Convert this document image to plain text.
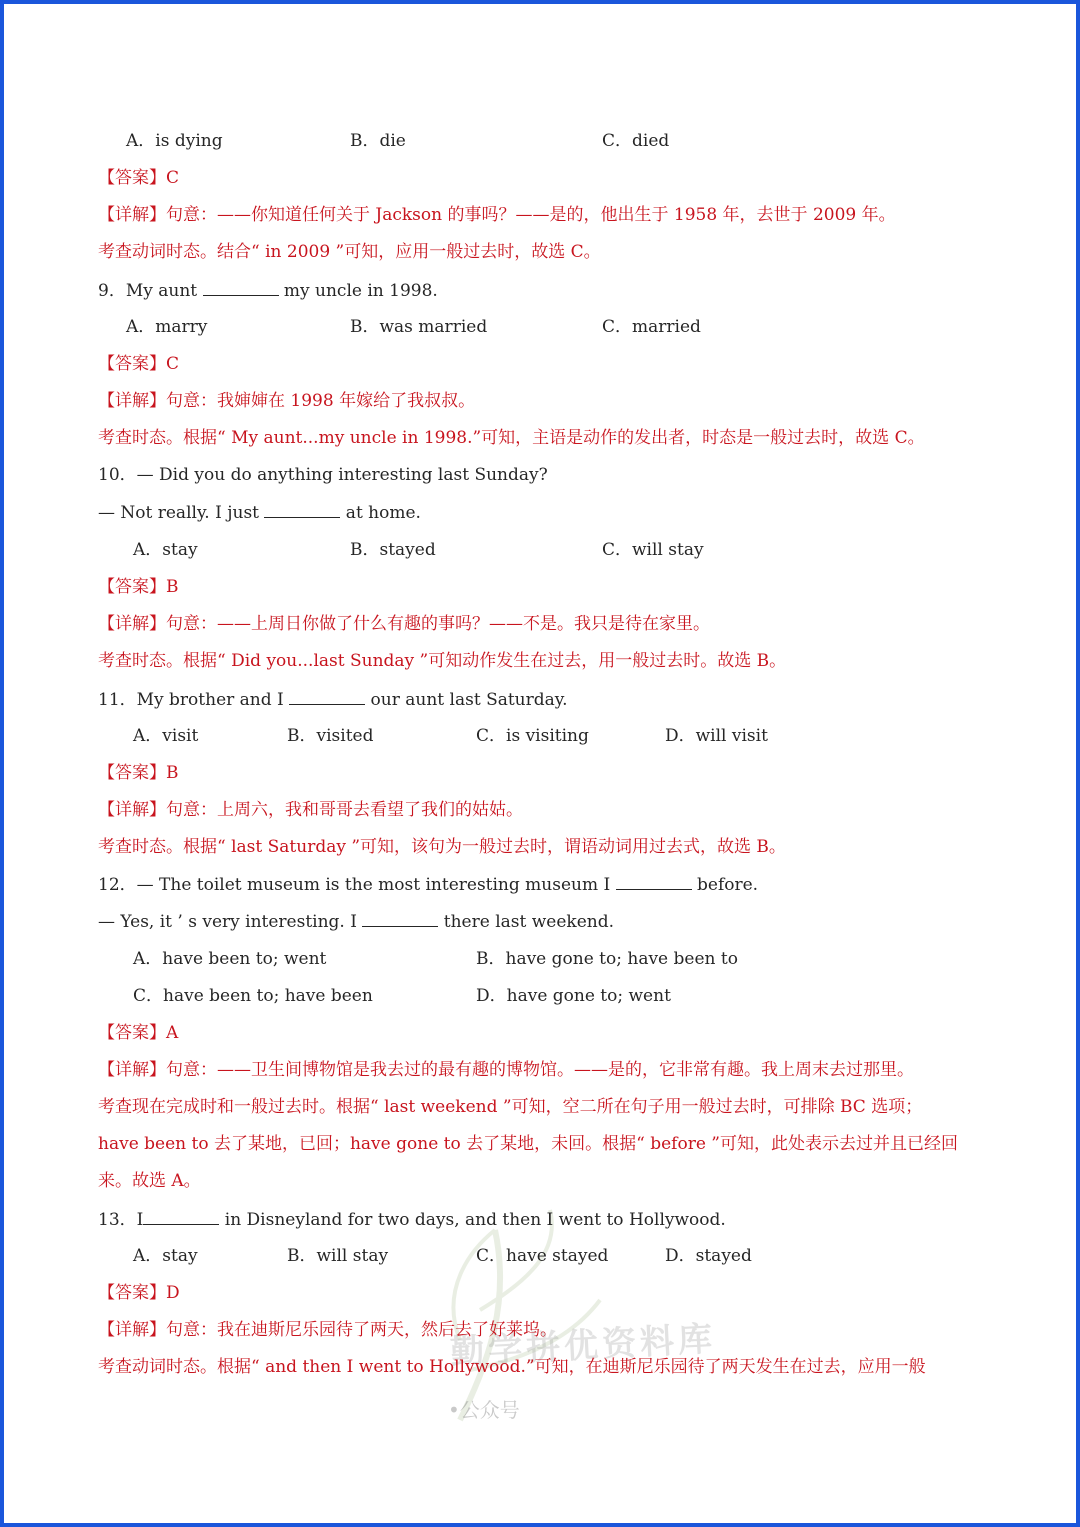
勤学拼优资料库
•公众号
A．is dying	B．die	C．died
【答案】C
【详解】句意：——你知道任何关于 Jackson 的事吗？——是的，他出生于 1958 年，去世于 2009 年。
考查动词时态。结合“ in 2009 ”可知，应用一般过去时，故选 C。
9．My aunt	my uncle in 1998.
A．marry	B．was married	C．married
【答案】C
【详解】句意：我婶婶在 1998 年嫁给了我叔叔。
考查时态。根据“ My aunt...my uncle in 1998.”可知，主语是动作的发出者，时态是一般过去时，故选 C。
10．— Did you do anything interesting last Sunday?
— Not really. I just	at home.
A．stay	B．stayed	C．will stay
【答案】B
【详解】句意：——上周日你做了什么有趣的事吗？——不是。我只是待在家里。
考查时态。根据“ Did you...last Sunday ”可知动作发生在过去，用一般过去时。故选 B。
11．My brother and I	our aunt last Saturday.
A．visit	B．visited	C．is visiting	D．will visit
【答案】B
【详解】句意：上周六，我和哥哥去看望了我们的姑姑。
考查时态。根据“ last Saturday ”可知，该句为一般过去时，谓语动词用过去式，故选 B。
12．— The toilet museum is the most interesting museum I	before.
— Yes, it ’ s very interesting. I	there last weekend.
A．have been to; went	B．have gone to; have been to
C．have been to; have been	D．have gone to; went
【答案】A
【详解】句意：——卫生间博物馆是我去过的最有趣的博物馆。——是的，它非常有趣。我上周末去过那里。
考查现在完成时和一般过去时。根据“ last weekend ”可知，空二所在句子用一般过去时，可排除 BC 选项；
have been to 去了某地，已回；have gone to 去了某地，未回。根据“ before ”可知，此处表示去过并且已经回
来。故选 A。
13．I	in Disneyland for two days, and then I went to Hollywood.
A．stay	B．will stay	C．have stayed	D．stayed
【答案】D
【详解】句意：我在迪斯尼乐园待了两天，然后去了好莱坞。
考查动词时态。根据“ and then I went to Hollywood.”可知，在迪斯尼乐园待了两天发生在过去，应用一般
